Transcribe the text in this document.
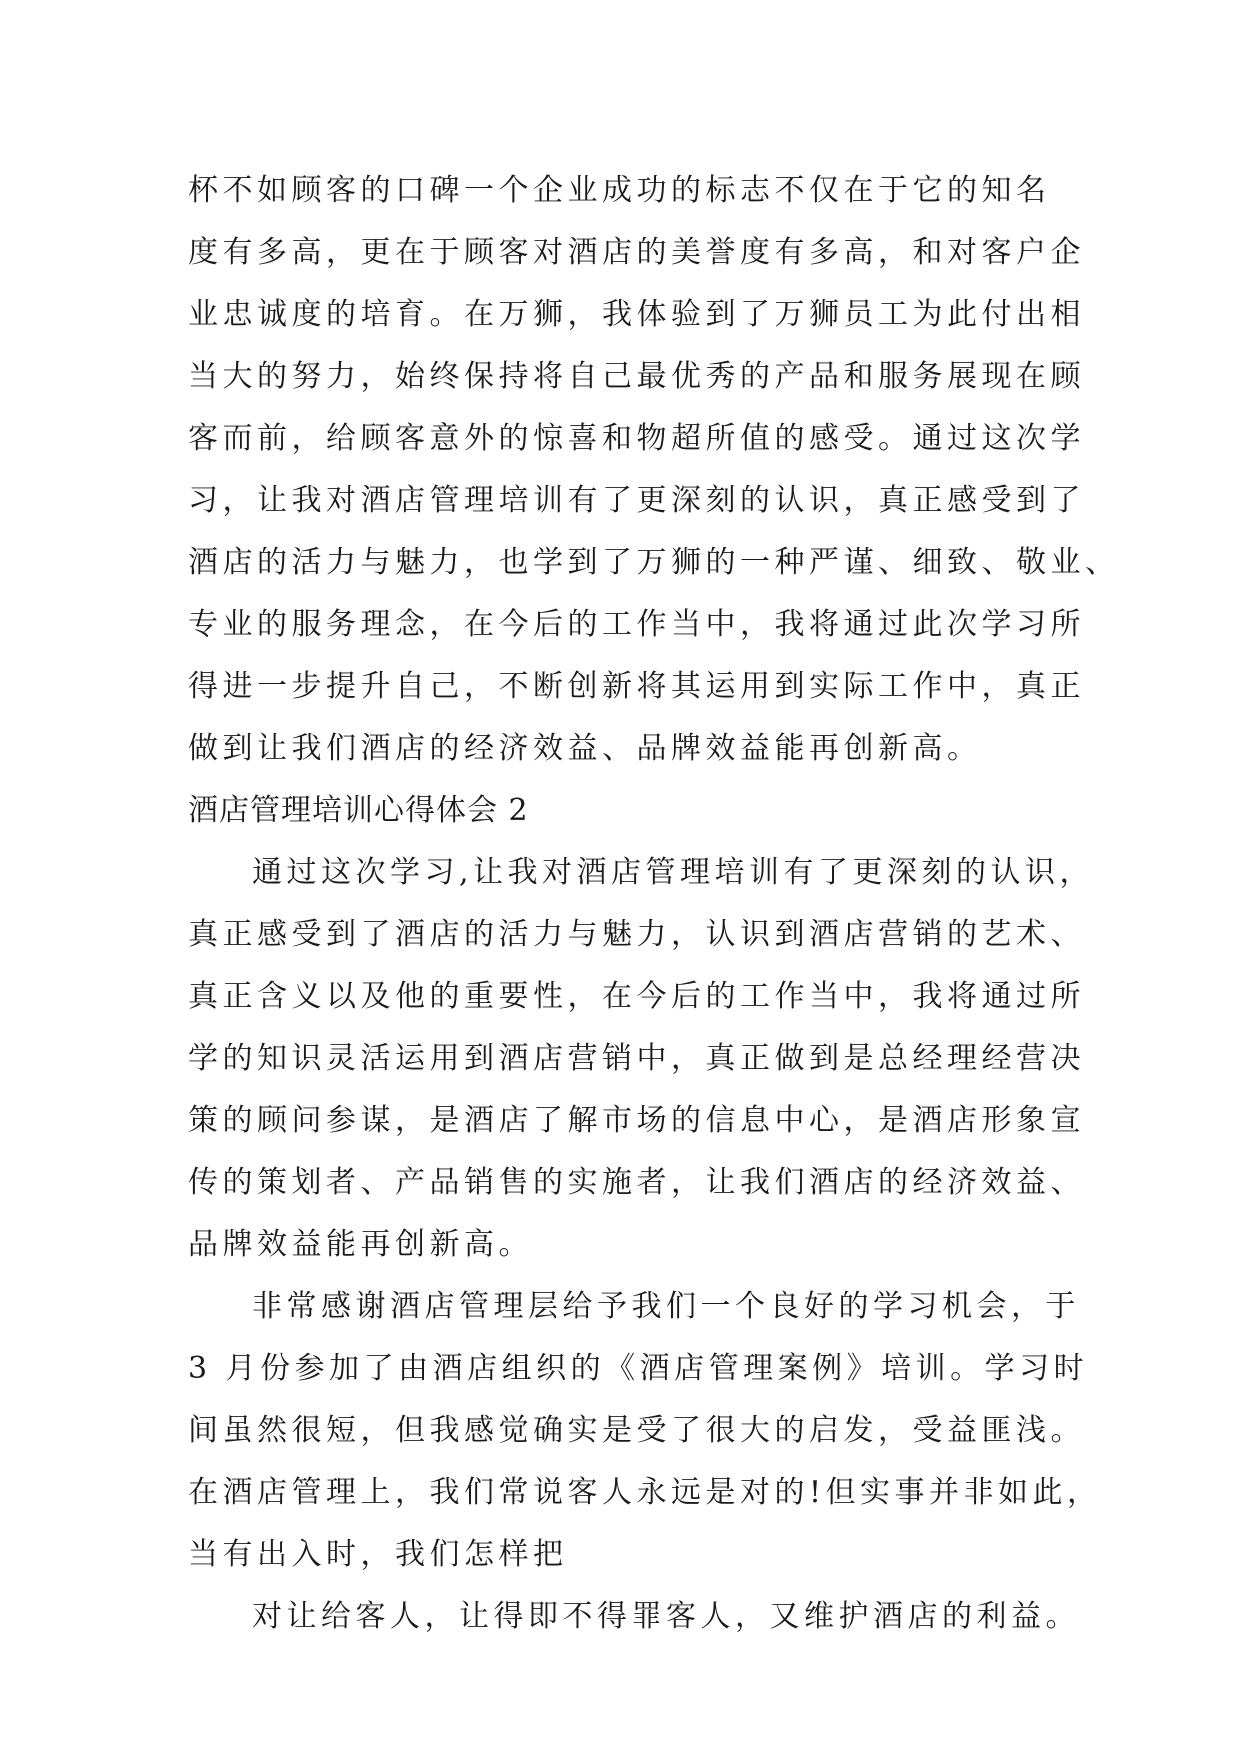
杯不如顾客的口碑一个企业成功的标志不仅在于它的知名
度有多高，更在于顾客对酒店的美誉度有多高，和对客户企
业忠诚度的培育。在万狮，我体验到了万狮员工为此付出相
当大的努力，始终保持将自己最优秀的产品和服务展现在顾
客而前，给顾客意外的惊喜和物超所值的感受。通过这次学
习，让我对酒店管理培训有了更深刻的认识，真正感受到了
酒店的活力与魅力，也学到了万狮的一种严谨、细致、敬业、
专业的服务理念，在今后的工作当中，我将通过此次学习所
得进一步提升自己，不断创新将其运用到实际工作中，真正
做到让我们酒店的经济效益、品牌效益能再创新高。
酒店管理培训心得体会 2
通过这次学习,让我对酒店管理培训有了更深刻的认识，
真正感受到了酒店的活力与魅力，认识到酒店营销的艺术、
真正含义以及他的重要性，在今后的工作当中，我将通过所
学的知识灵活运用到酒店营销中，真正做到是总经理经营决
策的顾问参谋，是酒店了解市场的信息中心，是酒店形象宣
传的策划者、产品销售的实施者，让我们酒店的经济效益、
品牌效益能再创新高。
非常感谢酒店管理层给予我们一个良好的学习机会，于
3 月份参加了由酒店组织的《酒店管理案例》培训。学习时
间虽然很短，但我感觉确实是受了很大的启发，受益匪浅。
在酒店管理上，我们常说客人永远是对的!但实事并非如此，
当有出入时，我们怎样把
对让给客人，让得即不得罪客人，又维护酒店的利益。
